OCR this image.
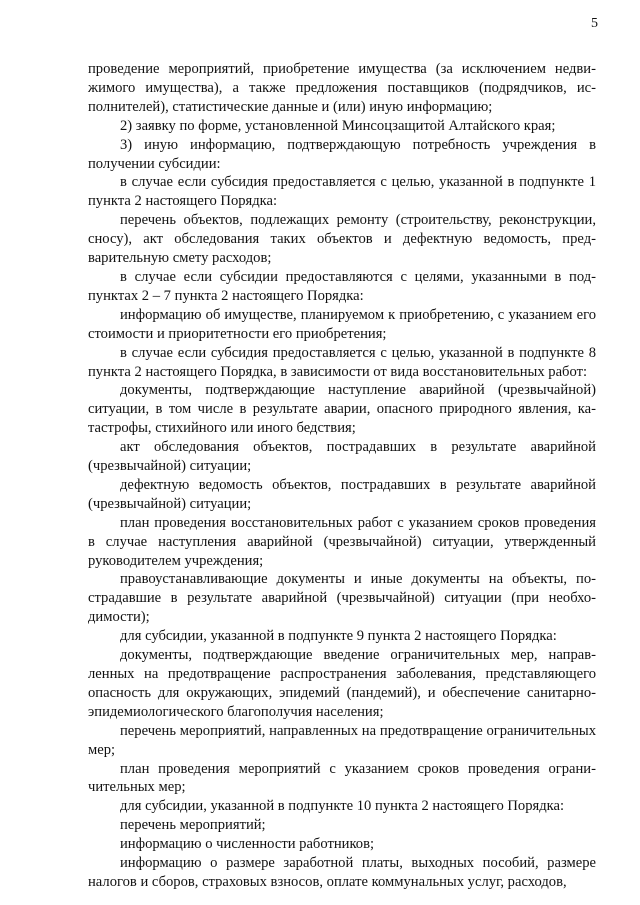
5

проведение мероприятий, приобретение имущества (за исключением недвижимого имущества), а также предложения поставщиков (подрядчиков, исполнителей), статистические данные и (или) иную информацию;

2) заявку по форме, установленной Минсоцзащитой Алтайского края;

3) иную информацию, подтверждающую потребность учреждения в получении субсидии:

в случае если субсидия предоставляется с целью, указанной в подпункте 1 пункта 2 настоящего Порядка:

перечень объектов, подлежащих ремонту (строительству, реконструкции, сносу), акт обследования таких объектов и дефектную ведомость, предварительную смету расходов;

в случае если субсидии предоставляются с целями, указанными в подпунктах 2 – 7 пункта 2 настоящего Порядка:

информацию об имуществе, планируемом к приобретению, с указанием его стоимости и приоритетности его приобретения;

в случае если субсидия предоставляется с целью, указанной в подпункте 8 пункта 2 настоящего Порядка, в зависимости от вида восстановительных работ:

документы, подтверждающие наступление аварийной (чрезвычайной) ситуации, в том числе в результате аварии, опасного природного явления, катастрофы, стихийного или иного бедствия;

акт обследования объектов, пострадавших в результате аварийной (чрезвычайной) ситуации;

дефектную ведомость объектов, пострадавших в результате аварийной (чрезвычайной) ситуации;

план проведения восстановительных работ с указанием сроков проведения в случае наступления аварийной (чрезвычайной) ситуации, утвержденный руководителем учреждения;

правоустанавливающие документы и иные документы на объекты, пострадавшие в результате аварийной (чрезвычайной) ситуации (при необходимости);

для субсидии, указанной в подпункте 9 пункта 2 настоящего Порядка:

документы, подтверждающие введение ограничительных мер, направленных на предотвращение распространения заболевания, представляющего опасность для окружающих, эпидемий (пандемий), и обеспечение санитарно-эпидемиологического благополучия населения;

перечень мероприятий, направленных на предотвращение ограничительных мер;

план проведения мероприятий с указанием сроков проведения ограничительных мер;

для субсидии, указанной в подпункте 10 пункта 2 настоящего Порядка:

перечень мероприятий;

информацию о численности работников;

информацию о размере заработной платы, выходных пособий, размере налогов и сборов, страховых взносов, оплате коммунальных услуг, расходов,
